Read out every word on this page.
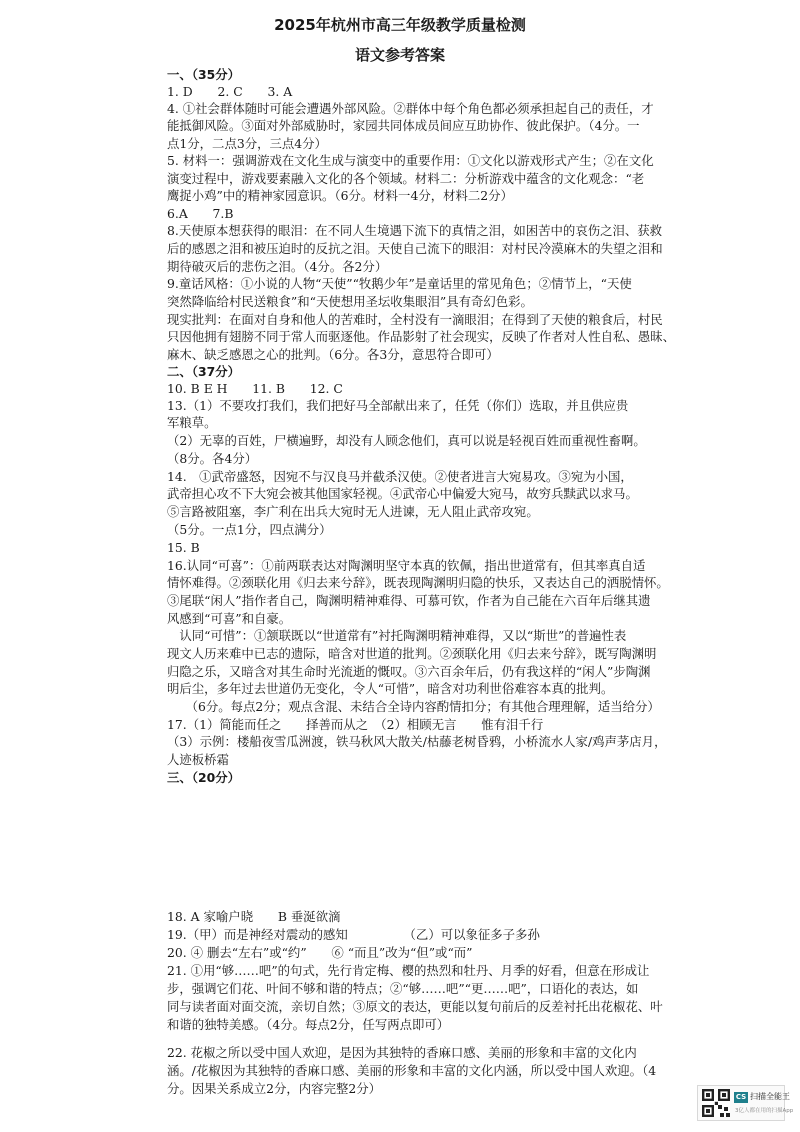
2025年杭州市高三年级教学质量检测
语文参考答案
一、（35分）
1. D　　2. C　　3. A
4. ①社会群体随时可能会遭遇外部风险。②群体中每个角色都必须承担起自己的责任，才
能抵御风险。③面对外部威胁时，家园共同体成员间应互助协作、彼此保护。（4分。一
点1分，二点3分，三点4分）
5. 材料一：强调游戏在文化生成与演变中的重要作用：①文化以游戏形式产生；②在文化
演变过程中，游戏要素融入文化的各个领域。材料二：分析游戏中蕴含的文化观念：“老
鹰捉小鸡”中的精神家园意识。（6分。材料一4分，材料二2分）
6.A　　7.B
8.天使原本想获得的眼泪：在不同人生境遇下流下的真情之泪，如困苦中的哀伤之泪、获救
后的感恩之泪和被压迫时的反抗之泪。天使自己流下的眼泪：对村民冷漠麻木的失望之泪和
期待破灭后的悲伤之泪。（4分。各2分）
9.童话风格：①小说的人物“天使”“牧鹅少年”是童话里的常见角色；②情节上，“天使
突然降临给村民送粮食”和“天使想用圣坛收集眼泪”具有奇幻色彩。
现实批判：在面对自身和他人的苦难时，全村没有一滴眼泪；在得到了天使的粮食后，村民
只因他拥有翅膀不同于常人而驱逐他。作品影射了社会现实，反映了作者对人性自私、愚昧、
麻木、缺乏感恩之心的批判。（6分。各3分，意思符合即可）
二、（37分）
10. B E H　　11. B　　12. C
13.（1）不要攻打我们，我们把好马全部献出来了，任凭（你们）选取，并且供应贵
军粮草。
（2）无辜的百姓，尸横遍野，却没有人顾念他们，真可以说是轻视百姓而重视性畜啊。
（8分。各4分）
14.　①武帝盛怒，因宛不与汉良马并截杀汉使。②使者进言大宛易攻。③宛为小国，
武帝担心攻不下大宛会被其他国家轻视。④武帝心中偏爱大宛马，故穷兵黩武以求马。
⑤言路被阻塞，李广利在出兵大宛时无人进谏，无人阻止武帝攻宛。
（5分。一点1分，四点满分）
15. B
16.认同“可喜”：①前两联表达对陶渊明坚守本真的钦佩，指出世道常有，但其率真自适
情怀难得。②颈联化用《归去来兮辞》，既表现陶渊明归隐的快乐，又表达自己的洒脱情怀。
③尾联“闲人”指作者自己，陶渊明精神难得、可慕可钦，作者为自己能在六百年后继其遗
风感到“可喜”和自豪。
　认同“可惜”：①颔联既以“世道常有”衬托陶渊明精神难得，又以“斯世”的普遍性表
现文人历来难中已志的遗际，暗含对世道的批判。②颈联化用《归去来兮辞》，既写陶渊明
归隐之乐，又暗含对其生命时光流逝的慨叹。③六百余年后，仍有我这样的“闲人”步陶渊
明后尘，多年过去世道仍无变化，令人“可惜”，暗含对功利世俗难容本真的批判。
　　（6分。每点2分；观点含混、未结合全诗内容酌情扣分；有其他合理理解，适当给分）
17.（1）简能而任之　　择善而从之　（2）相顾无言　　惟有泪千行
（3）示例：楼船夜雪瓜洲渡，铁马秋风大散关/枯藤老树昏鸦，小桥流水人家/鸡声茅店月，
人迹板桥霜
三、（20分）
18. A 家喻户晓　　B 垂涎欲滴
19.（甲）而是神经对震动的感知　　　　　（乙）可以象征多子多孙
20. ④ 删去“左右”或“约”　　⑥ “而且”改为“但”或“而”
21. ①用“够……吧”的句式，先行肯定梅、樱的热烈和牡丹、月季的好看，但意在形成让
步，强调它们花、叶间不够和谐的特点；②“够……吧”“更……吧”，口语化的表达，如
同与读者面对面交流，亲切自然；③原文的表达，更能以复句前后的反差衬托出花椒花、叶
和谐的独特美感。（4分。每点2分，任写两点即可）
22. 花椒之所以受中国人欢迎，是因为其独特的香麻口感、美丽的形象和丰富的文化内
涵。/花椒因为其独特的香麻口感、美丽的形象和丰富的文化内涵，所以受中国人欢迎。（4
分。因果关系成立2分，内容完整2分）
CS 扫描全能王
3亿人都在用的扫描App
